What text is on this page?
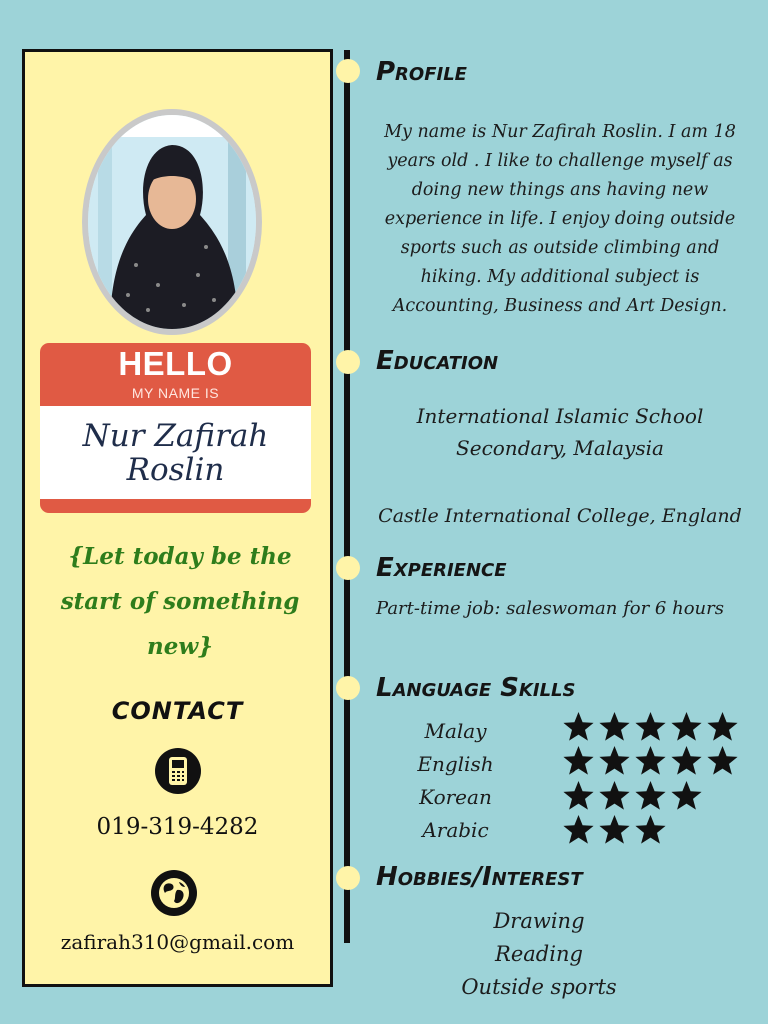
HELLO
MY NAME IS
Nur Zafirah Roslin
{Let today be the start of something new}
CONTACT
019-319-4282
zafirah310@gmail.com
Profile
My name is Nur Zafirah Roslin. I am 18 years old . I like to challenge myself as doing new things ans having new experience in life. I enjoy doing outside sports such as outside climbing and hiking. My additional subject is Accounting, Business and Art Design.
Education
International Islamic School Secondary, Malaysia
Castle International College, England
Experience
Part-time job: saleswoman for 6 hours
Language Skills
Malay
English
Korean
Arabic
Hobbies/Interest
Drawing
Reading
Outside sports
